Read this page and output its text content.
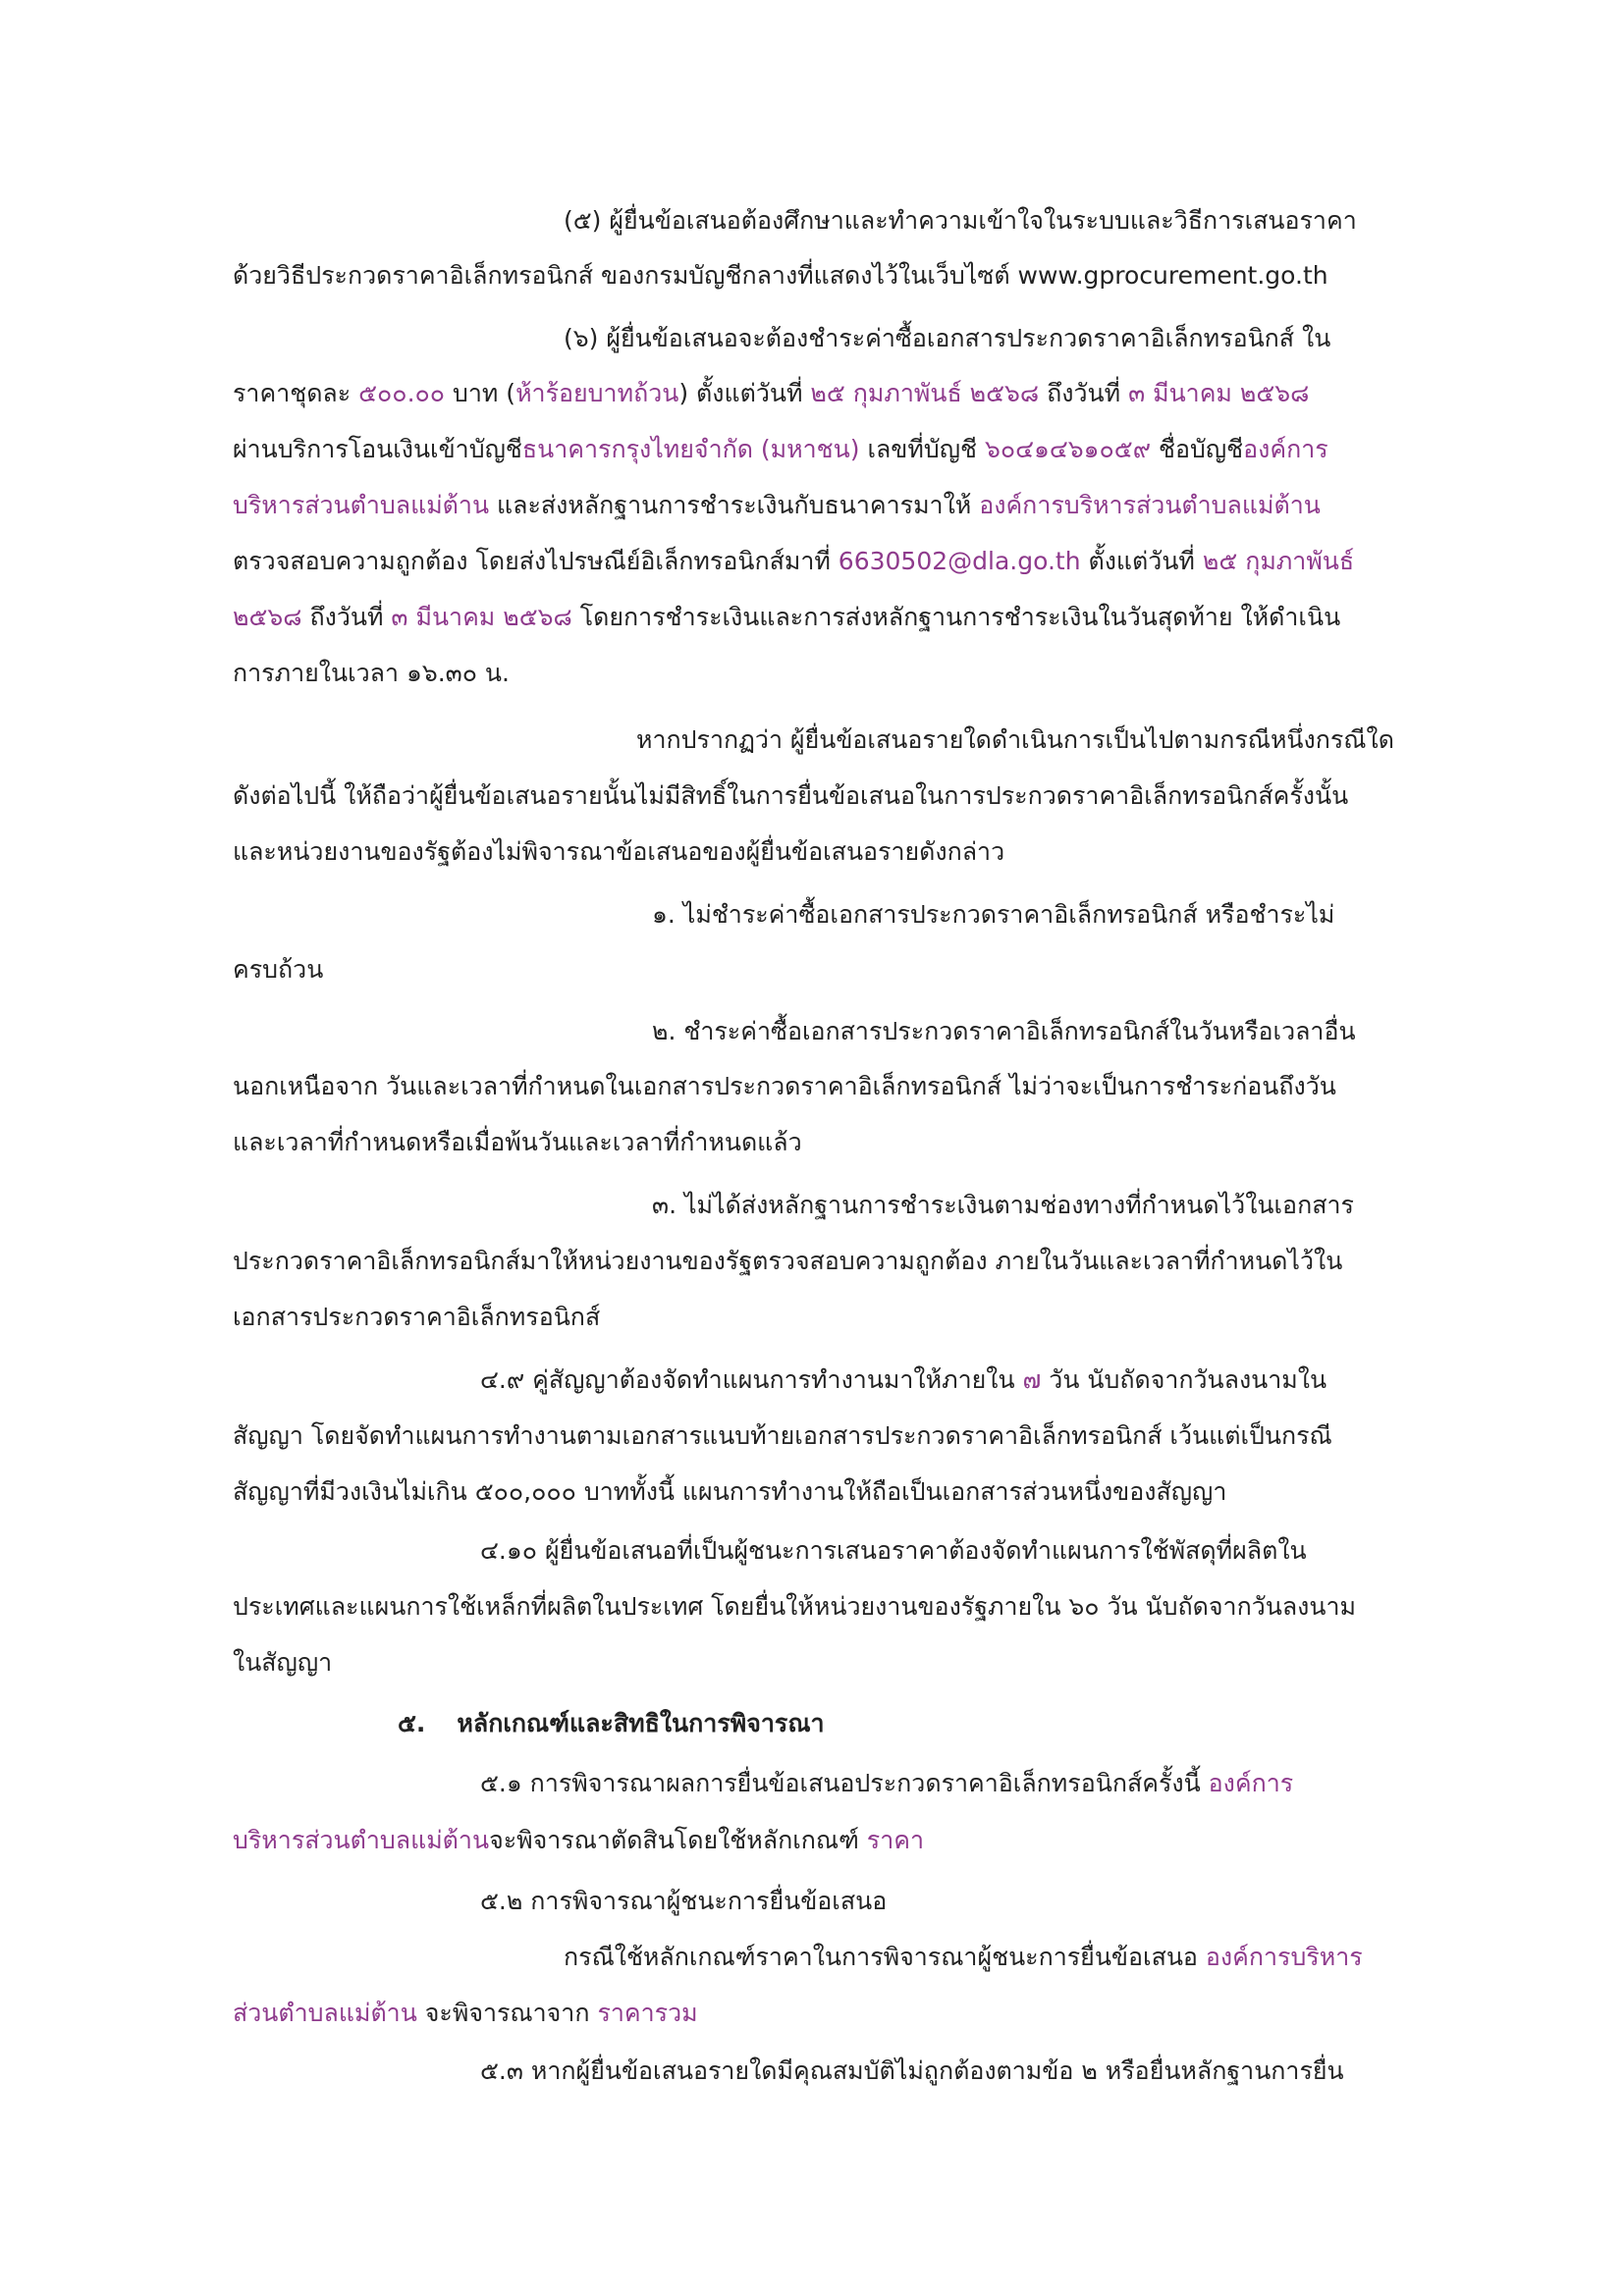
(๕) ผู้ยื่นข้อเสนอต้องศึกษาและทำความเข้าใจในระบบและวิธีการเสนอราคา
ด้วยวิธีประกวดราคาอิเล็กทรอนิกส์ ของกรมบัญชีกลางที่แสดงไว้ในเว็บไซต์ www.gprocurement.go.th
(๖) ผู้ยื่นข้อเสนอจะต้องชำระค่าซื้อเอกสารประกวดราคาอิเล็กทรอนิกส์ ใน
ราคาชุดละ ๕๐๐.๐๐ บาท (ห้าร้อยบาทถ้วน) ตั้งแต่วันที่ ๒๕ กุมภาพันธ์ ๒๕๖๘ ถึงวันที่ ๓ มีนาคม ๒๕๖๘
ผ่านบริการโอนเงินเข้าบัญชีธนาคารกรุงไทยจำกัด (มหาชน) เลขที่บัญชี ๖๐๔๑๔๖๑๐๕๙ ชื่อบัญชีองค์การ
บริหารส่วนตำบลแม่ต้าน และส่งหลักฐานการชำระเงินกับธนาคารมาให้ องค์การบริหารส่วนตำบลแม่ต้าน
ตรวจสอบความถูกต้อง โดยส่งไปรษณีย์อิเล็กทรอนิกส์มาที่ 6630502@dla.go.th ตั้งแต่วันที่ ๒๕ กุมภาพันธ์
๒๕๖๘ ถึงวันที่ ๓ มีนาคม ๒๕๖๘ โดยการชำระเงินและการส่งหลักฐานการชำระเงินในวันสุดท้าย ให้ดำเนิน
การภายในเวลา ๑๖.๓๐ น.
หากปรากฏว่า ผู้ยื่นข้อเสนอรายใดดำเนินการเป็นไปตามกรณีหนึ่งกรณีใด
ดังต่อไปนี้ ให้ถือว่าผู้ยื่นข้อเสนอรายนั้นไม่มีสิทธิ์ในการยื่นข้อเสนอในการประกวดราคาอิเล็กทรอนิกส์ครั้งนั้น
และหน่วยงานของรัฐต้องไม่พิจารณาข้อเสนอของผู้ยื่นข้อเสนอรายดังกล่าว
๑. ไม่ชำระค่าซื้อเอกสารประกวดราคาอิเล็กทรอนิกส์ หรือชำระไม่
ครบถ้วน
๒. ชำระค่าซื้อเอกสารประกวดราคาอิเล็กทรอนิกส์ในวันหรือเวลาอื่น
นอกเหนือจาก วันและเวลาที่กำหนดในเอกสารประกวดราคาอิเล็กทรอนิกส์ ไม่ว่าจะเป็นการชำระก่อนถึงวัน
และเวลาที่กำหนดหรือเมื่อพ้นวันและเวลาที่กำหนดแล้ว
๓. ไม่ได้ส่งหลักฐานการชำระเงินตามช่องทางที่กำหนดไว้ในเอกสาร
ประกวดราคาอิเล็กทรอนิกส์มาให้หน่วยงานของรัฐตรวจสอบความถูกต้อง ภายในวันและเวลาที่กำหนดไว้ใน
เอกสารประกวดราคาอิเล็กทรอนิกส์
๔.๙ คู่สัญญาต้องจัดทำแผนการทำงานมาให้ภายใน ๗ วัน นับถัดจากวันลงนามใน
สัญญา โดยจัดทำแผนการทำงานตามเอกสารแนบท้ายเอกสารประกวดราคาอิเล็กทรอนิกส์ เว้นแต่เป็นกรณี
สัญญาที่มีวงเงินไม่เกิน ๕๐๐,๐๐๐ บาททั้งนี้ แผนการทำงานให้ถือเป็นเอกสารส่วนหนึ่งของสัญญา
๔.๑๐ ผู้ยื่นข้อเสนอที่เป็นผู้ชนะการเสนอราคาต้องจัดทำแผนการใช้พัสดุที่ผลิตใน
ประเทศและแผนการใช้เหล็กที่ผลิตในประเทศ โดยยื่นให้หน่วยงานของรัฐภายใน ๖๐ วัน นับถัดจากวันลงนาม
ในสัญญา
๕. หลักเกณฑ์และสิทธิในการพิจารณา
๕.๑ การพิจารณาผลการยื่นข้อเสนอประกวดราคาอิเล็กทรอนิกส์ครั้งนี้ องค์การ
บริหารส่วนตำบลแม่ต้านจะพิจารณาตัดสินโดยใช้หลักเกณฑ์ ราคา
๕.๒ การพิจารณาผู้ชนะการยื่นข้อเสนอ
กรณีใช้หลักเกณฑ์ราคาในการพิจารณาผู้ชนะการยื่นข้อเสนอ องค์การบริหาร
ส่วนตำบลแม่ต้าน จะพิจารณาจาก ราคารวม
๕.๓ หากผู้ยื่นข้อเสนอรายใดมีคุณสมบัติไม่ถูกต้องตามข้อ ๒ หรือยื่นหลักฐานการยื่น
